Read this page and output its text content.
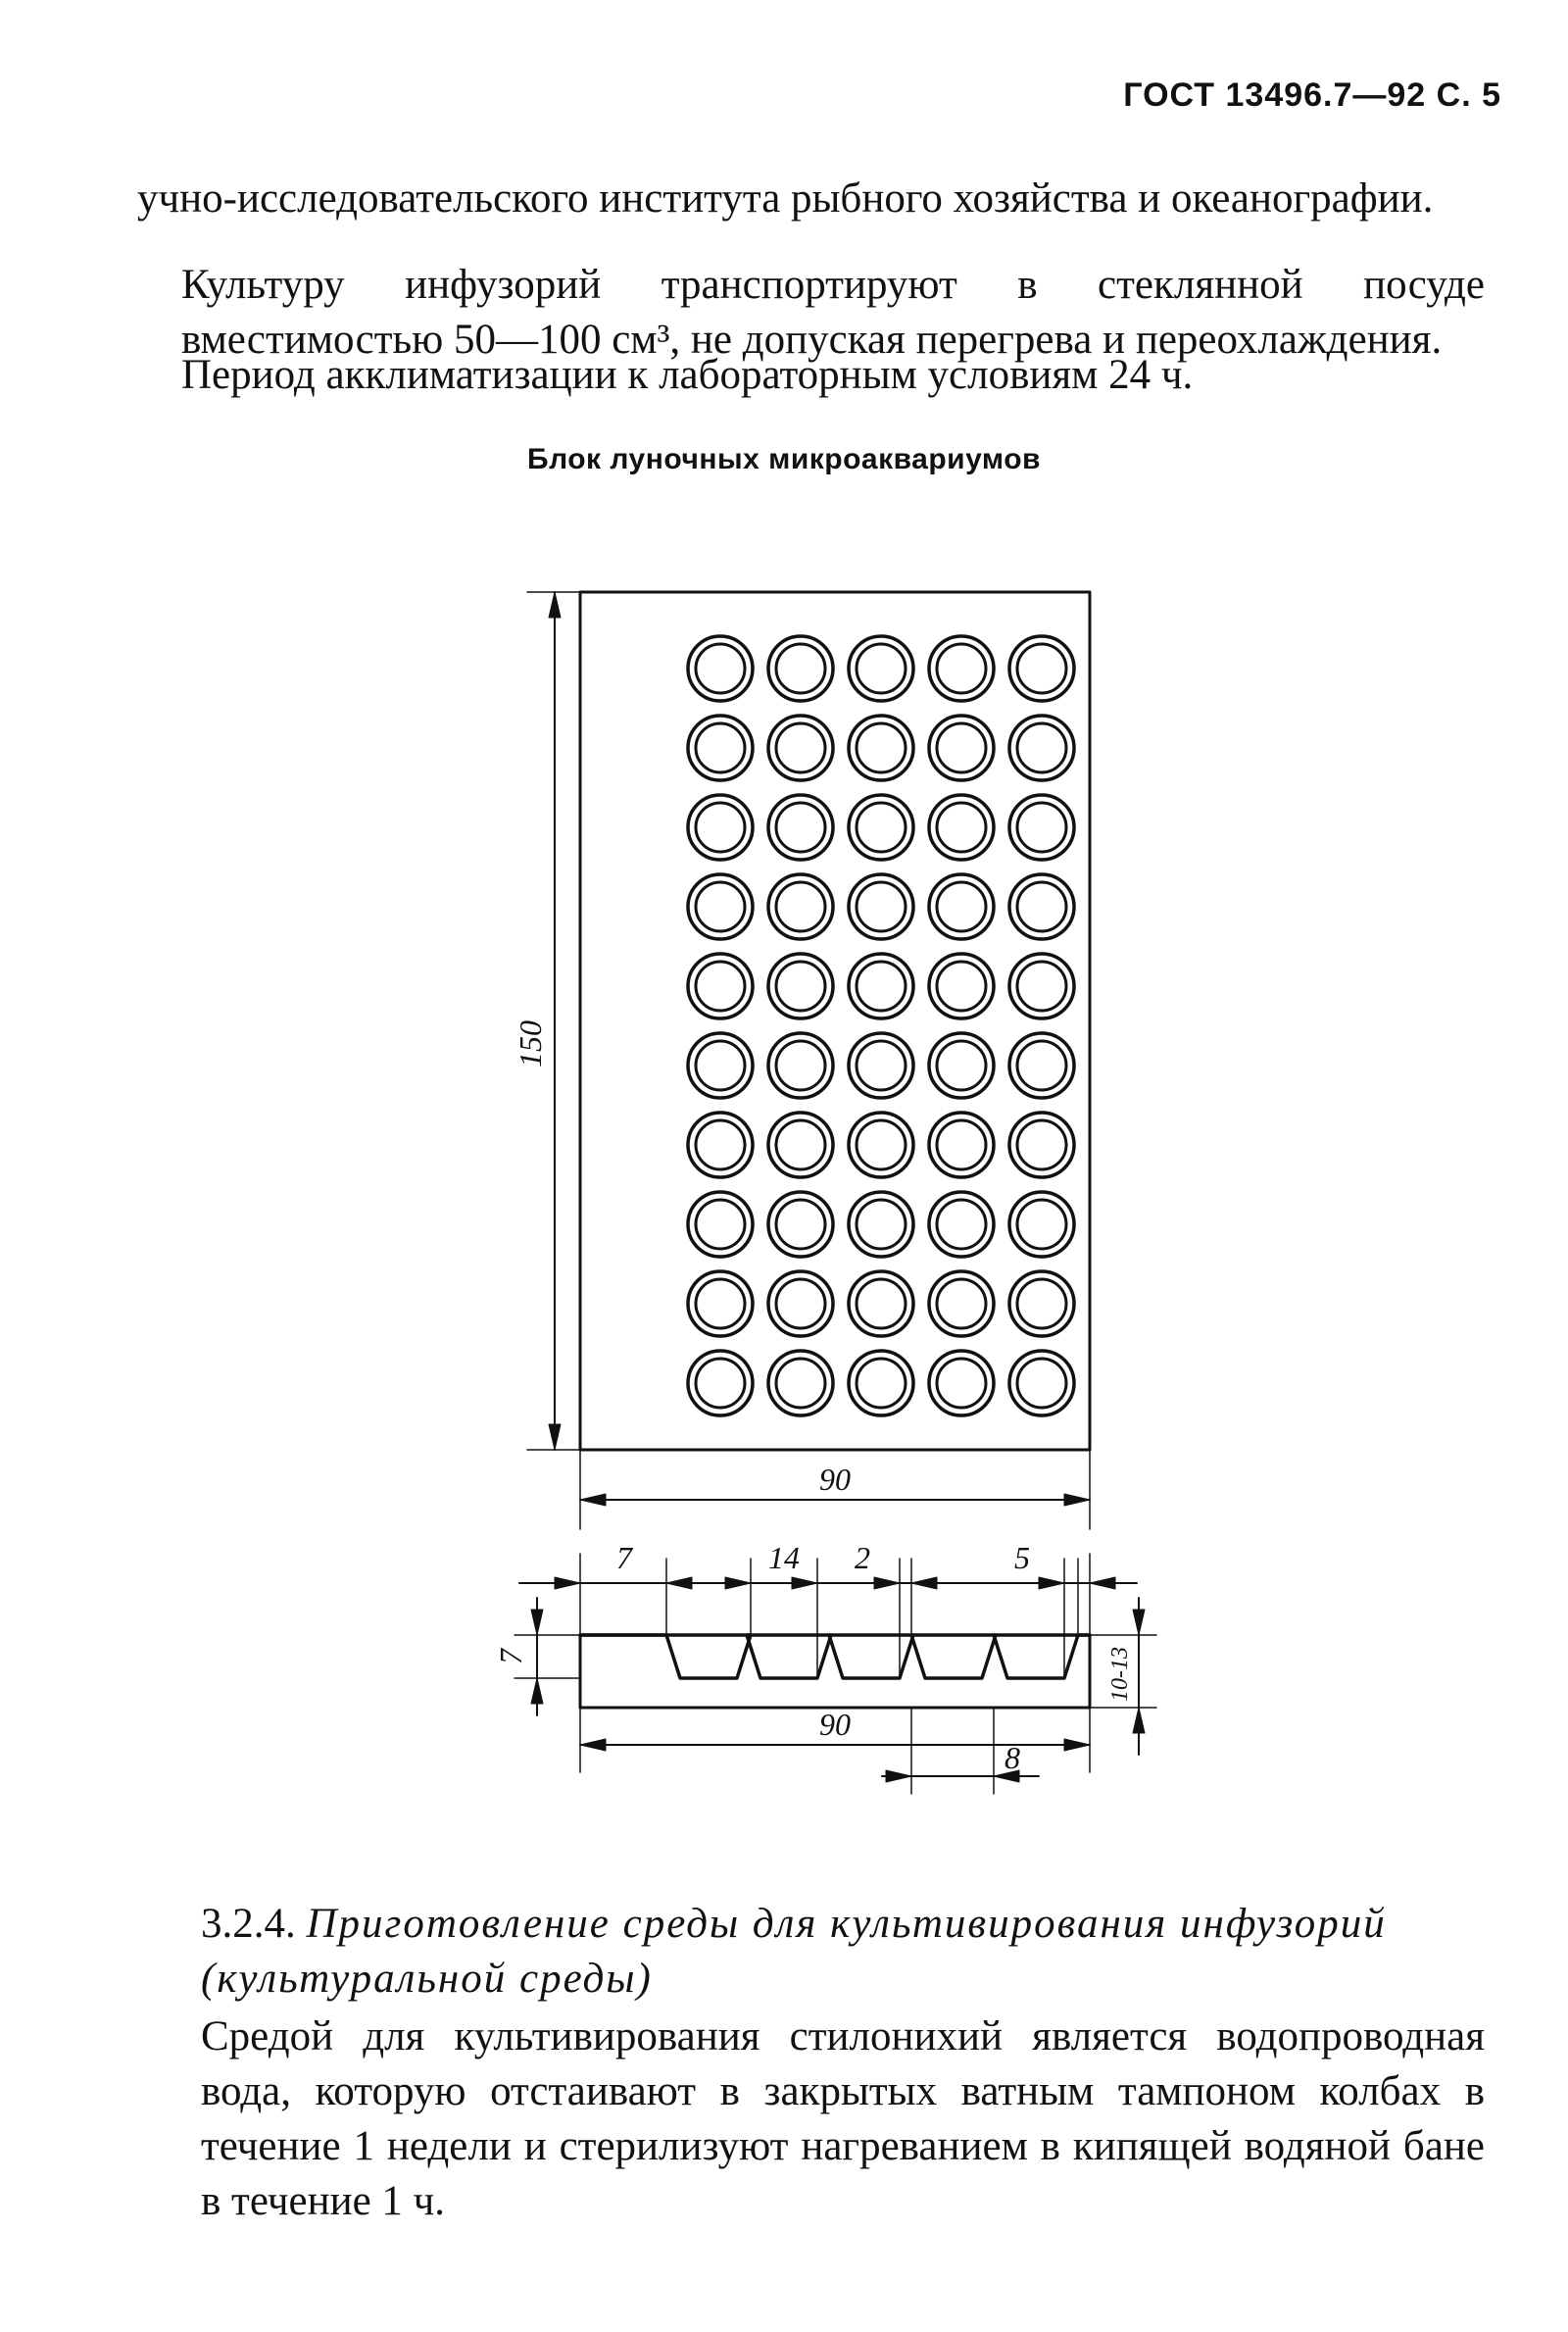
ГОСТ 13496.7—92 С. 5
учно-исследовательского института рыбного хозяйства и океанографии.
Культуру инфузорий транспортируют в стеклянной посуде вместимостью 50—100 см³, не допуская перегрева и переохлаждения.
Период акклиматизации к лабораторным условиям 24 ч.
Блок луночных микроаквариумов
150
90
7	14 2	5
7	10-13
90
8
3.2.4. Приготовление среды для культивирования инфузорий (культуральной среды)
Средой для культивирования стилонихий является водопроводная вода, которую отстаивают в закрытых ватным тампоном колбах в течение 1 недели и стерилизуют нагреванием в кипящей водяной бане в течение 1 ч.
